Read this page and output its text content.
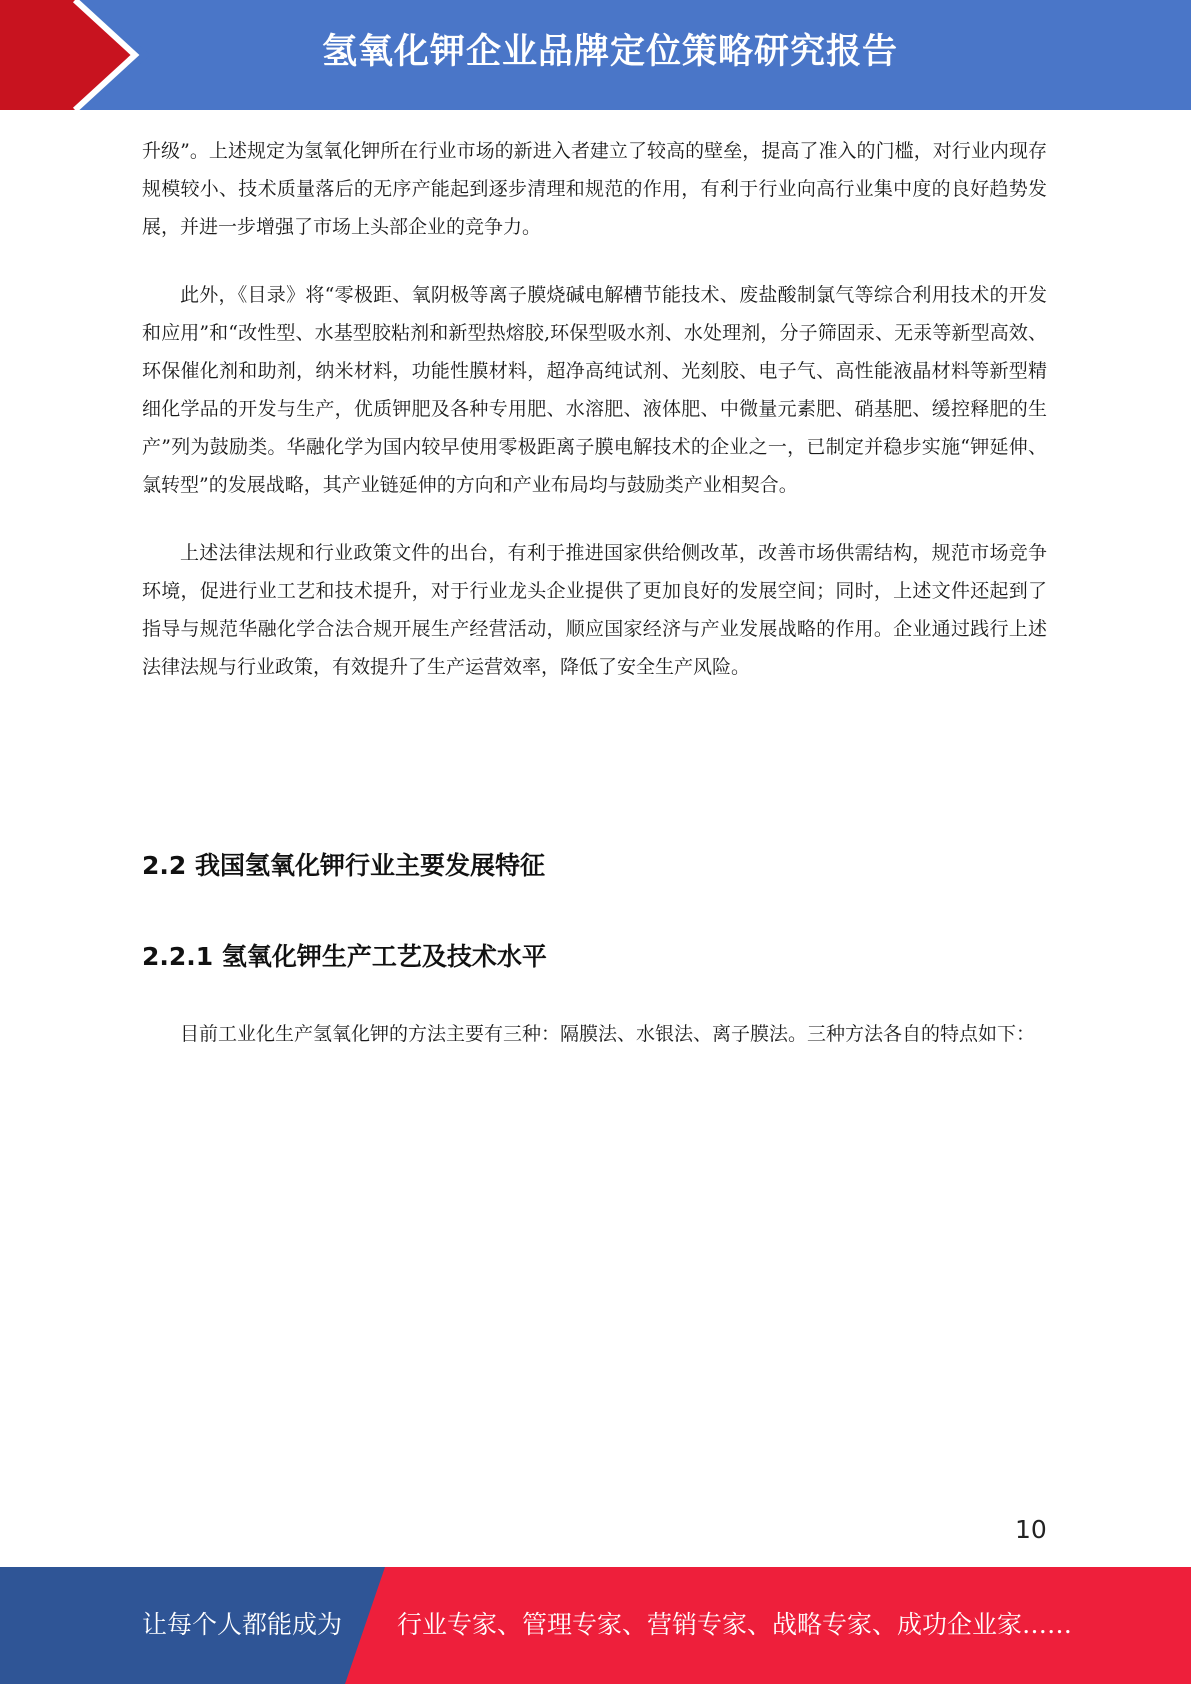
氢氧化钾企业品牌定位策略研究报告

升级”。上述规定为氢氧化钾所在行业市场的新进入者建立了较高的壁垒，提高了准入的门槛，对行业内现存规模较小、技术质量落后的无序产能起到逐步清理和规范的作用，有利于行业向高行业集中度的良好趋势发展，并进一步增强了市场上头部企业的竞争力。

此外，《目录》将“零极距、氧阴极等离子膜烧碱电解槽节能技术、废盐酸制氯气等综合利用技术的开发和应用”和“改性型、水基型胶粘剂和新型热熔胶,环保型吸水剂、水处理剂，分子筛固汞、无汞等新型高效、环保催化剂和助剂，纳米材料，功能性膜材料，超净高纯试剂、光刻胶、电子气、高性能液晶材料等新型精细化学品的开发与生产，优质钾肥及各种专用肥、水溶肥、液体肥、中微量元素肥、硝基肥、缓控释肥的生产”列为鼓励类。华融化学为国内较早使用零极距离子膜电解技术的企业之一，已制定并稳步实施“钾延伸、氯转型”的发展战略，其产业链延伸的方向和产业布局均与鼓励类产业相契合。

上述法律法规和行业政策文件的出台，有利于推进国家供给侧改革，改善市场供需结构，规范市场竞争环境，促进行业工艺和技术提升，对于行业龙头企业提供了更加良好的发展空间；同时，上述文件还起到了指导与规范华融化学合法合规开展生产经营活动，顺应国家经济与产业发展战略的作用。企业通过践行上述法律法规与行业政策，有效提升了生产运营效率，降低了安全生产风险。

2.2 我国氢氧化钾行业主要发展特征
2.2.1 氢氧化钾生产工艺及技术水平

目前工业化生产氢氧化钾的方法主要有三种：隔膜法、水银法、离子膜法。三种方法各自的特点如下：

10
让每个人都能成为 行业专家、管理专家、营销专家、战略专家、成功企业家……
